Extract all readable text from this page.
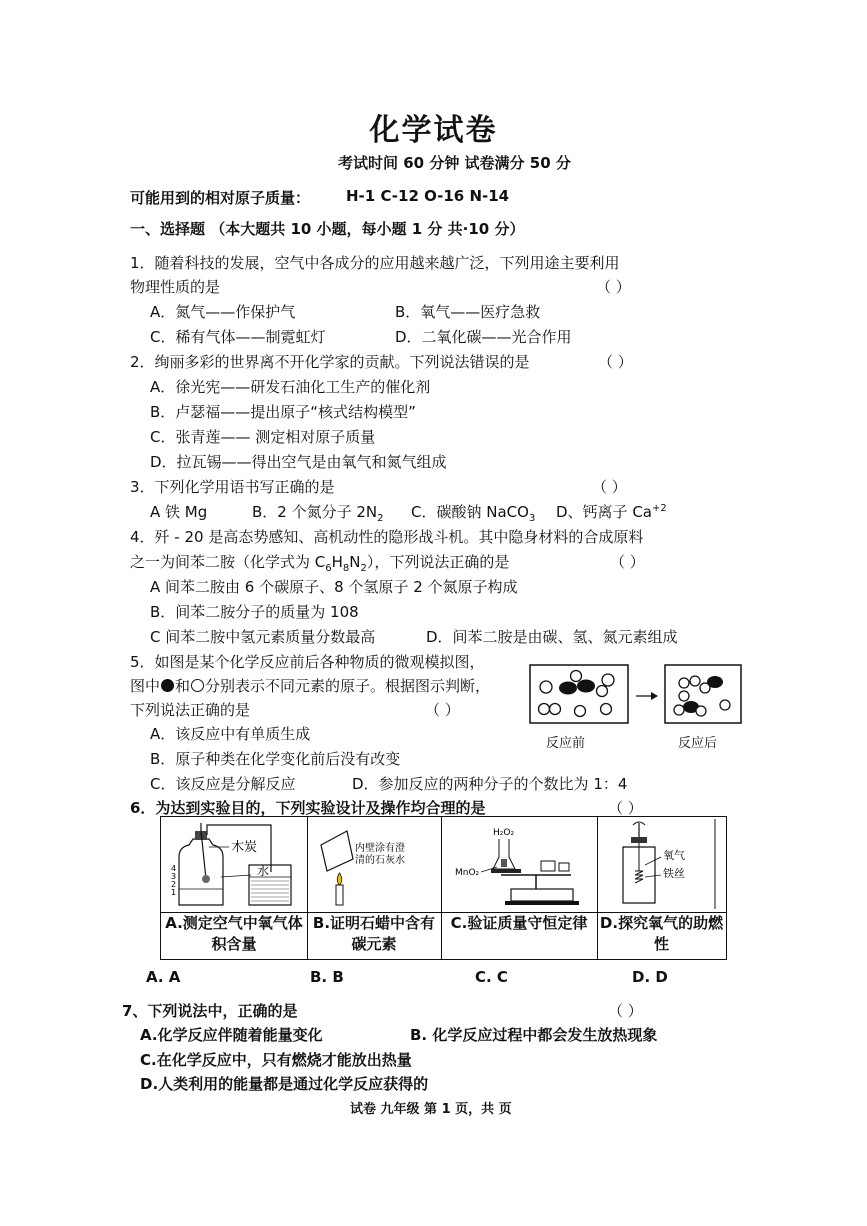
化学试卷
考试时间 60 分钟 试卷满分 50 分
可能用到的相对原子质量： H-1 C-12 O-16 N-14
一、选择题 （本大题共 10 小题，每小题 1 分 共·10 分）
1．随着科技的发展，空气中各成分的应用越来越广泛，下列用途主要利用
物理性质的是	（ ）
A．氮气——作保护气	B．氧气——医疗急救
C．稀有气体——制霓虹灯	D．二氧化碳——光合作用
2．绚丽多彩的世界离不开化学家的贡献。下列说法错误的是	（ ）
A．徐光宪——研发石油化工生产的催化剂
B．卢瑟福——提出原子“核式结构模型”
C．张青莲—— 测定相对原子质量
D．拉瓦锡——得出空气是由氧气和氮气组成
3．下列化学用语书写正确的是	（ ）
A 铁 Mg	B．2 个氮分子 $2N_2$ C．碳酸钠 NaCO$_3$ D、钙离子 $Ca^{+2}$
4．歼 - 20 是高态势感知、高机动性的隐形战斗机。其中隐身材料的合成原料
之一为间苯二胺（化学式为 $C_6H_8N_2$），下列说法正确的是	（ ）
A 间苯二胺由 6 个碳原子、8 个氢原子 2 个氮原子构成
B．间苯二胺分子的质量为 108
C 间苯二胺中氢元素质量分数最高	D．间苯二胺是由碳、氢、氮元素组成
5．如图是某个化学反应前后各种物质的微观模拟图，
图中 和 分别表示不同元素的原子。根据图示判断，
下列说法正确的是	（ ）
A．该反应中有单质生成
B．原子种类在化学变化前后没有改变
C．该反应是分解反应	D．参加反应的两种分子的个数比为 1：4
反应前	反应后
6．为达到实验目的，下列实验设计及操作均合理的是	（ ）
木炭
水
4
3
2
1
A.测定空气中氧气体积含量
内壁涂有澄
清的石灰水
B.证明石蜡中含有碳元素
H₂O₂
MnO₂
C.验证质量守恒定律
氧气
铁丝
D.探究氧气的助燃性
A. A	B. B	C. C	D. D
7、下列说法中，正确的是	（ ）
A.化学反应伴随着能量变化	B. 化学反应过程中都会发生放热现象
C.在化学反应中，只有燃烧才能放出热量
D.人类利用的能量都是通过化学反应获得的
试卷 九年级 第 1 页，共 页
